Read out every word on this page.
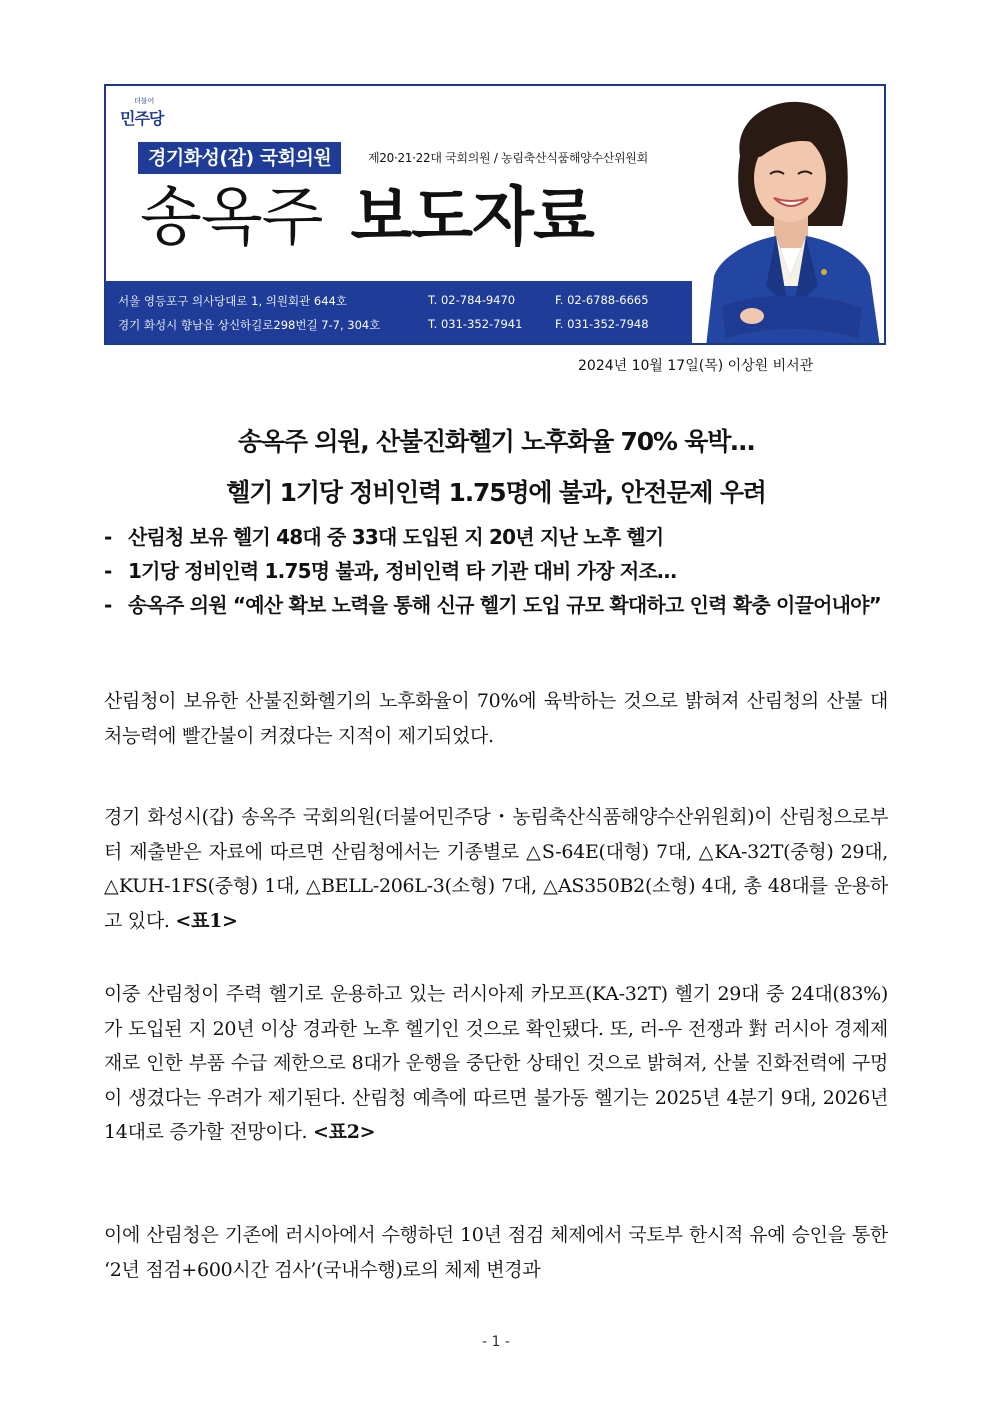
더불어
민주당
경기화성(갑) 국회의원	제20·21·22대 국회의원 / 농림축산식품해양수산위원회
송옥주 보도자료
서울 영등포구 의사당대로 1, 의원회관 644호	T. 02-784-9470	F. 02-6788-6665
경기 화성시 향남읍 상신하길로298번길 7-7, 304호	T. 031-352-7941	F. 031-352-7948
2024년 10월 17일(목) 이상원 비서관
송옥주 의원, 산불진화헬기 노후화율 70% 육박…
헬기 1기당 정비인력 1.75명에 불과, 안전문제 우려
- 산림청 보유 헬기 48대 중 33대 도입된 지 20년 지난 노후 헬기
- 1기당 정비인력 1.75명 불과, 정비인력 타 기관 대비 가장 저조…
- 송옥주 의원 “예산 확보 노력을 통해 신규 헬기 도입 규모 확대하고 인력 확충 이끌어내야”

산림청이 보유한 산불진화헬기의 노후화율이 70%에 육박하는 것으로 밝혀져 산림청의 산불 대처능력에 빨간불이 켜졌다는 지적이 제기되었다.

경기 화성시(갑) 송옥주 국회의원(더불어민주당・농림축산식품해양수산위원회)이 산림청으로부터 제출받은 자료에 따르면 산림청에서는 기종별로 △S-64E(대형) 7대, △KA-32T(중형) 29대, △KUH-1FS(중형) 1대, △BELL-206L-3(소형) 7대, △AS350B2(소형) 4대, 총 48대를 운용하고 있다. <표1>

이중 산림청이 주력 헬기로 운용하고 있는 러시아제 카모프(KA-32T) 헬기 29대 중 24대(83%)가 도입된 지 20년 이상 경과한 노후 헬기인 것으로 확인됐다. 또, 러-우 전쟁과 對 러시아 경제제재로 인한 부품 수급 제한으로 8대가 운행을 중단한 상태인 것으로 밝혀져, 산불 진화전력에 구멍이 생겼다는 우려가 제기된다. 산림청 예측에 따르면 불가동 헬기는 2025년 4분기 9대, 2026년 14대로 증가할 전망이다. <표2>

이에 산림청은 기존에 러시아에서 수행하던 10년 점검 체제에서 국토부 한시적 유예 승인을 통한 ‘2년 점검+600시간 검사’(국내수행)로의 체제 변경과

- 1 -
